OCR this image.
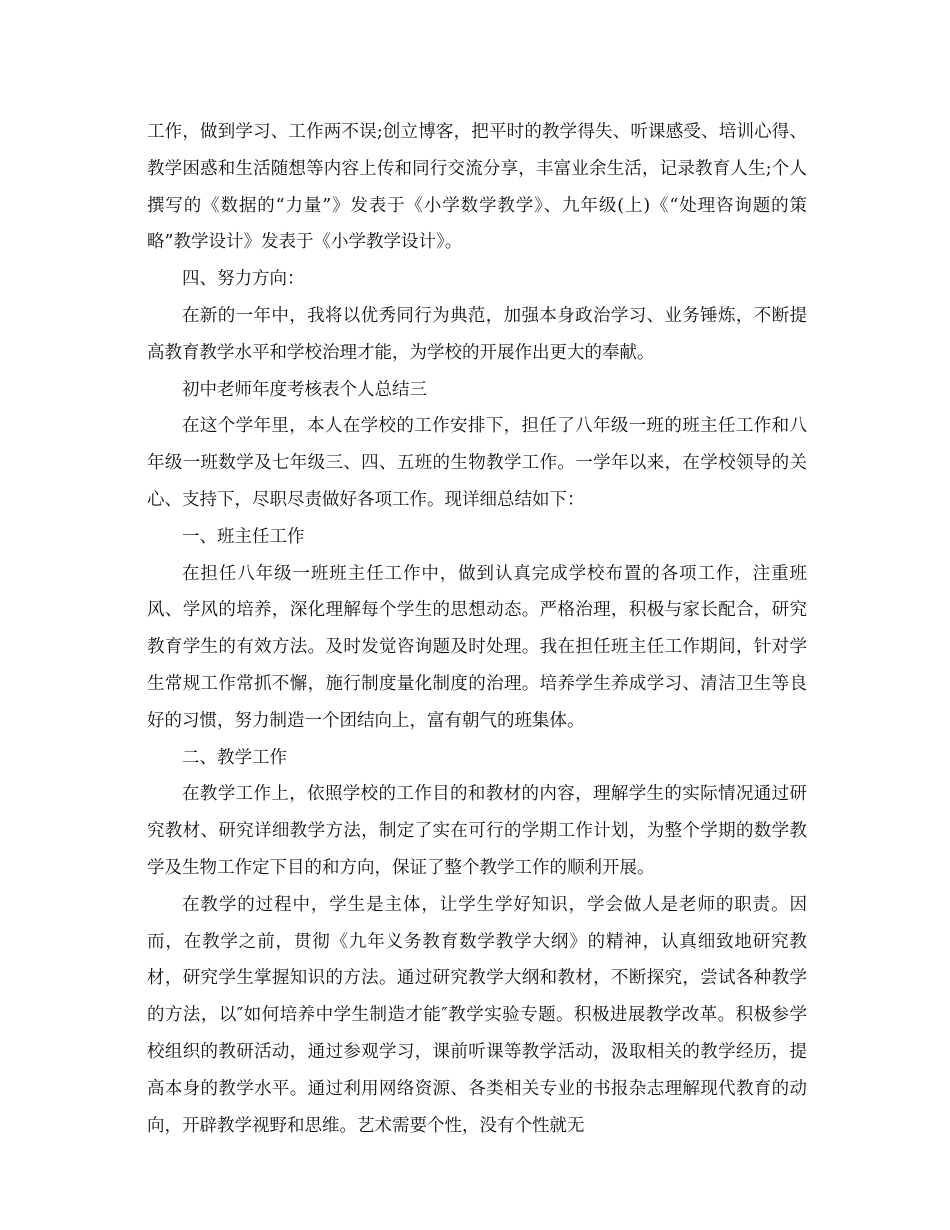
工作，做到学习、工作两不误;创立博客，把平时的教学得失、听课感受、培训心得、教学困惑和生活随想等内容上传和同行交流分享，丰富业余生活，记录教育人生;个人撰写的《数据的“力量”》发表于《小学数学教学》、九年级(上)《“处理咨询题的策略”教学设计》发表于《小学教学设计》。

四、努力方向：

在新的一年中，我将以优秀同行为典范，加强本身政治学习、业务锤炼，不断提高教育教学水平和学校治理才能，为学校的开展作出更大的奉献。

初中老师年度考核表个人总结三

在这个学年里，本人在学校的工作安排下，担任了八年级一班的班主任工作和八年级一班数学及七年级三、四、五班的生物教学工作。一学年以来，在学校领导的关心、支持下，尽职尽责做好各项工作。现详细总结如下：

一、班主任工作

在担任八年级一班班主任工作中，做到认真完成学校布置的各项工作，注重班风、学风的培养，深化理解每个学生的思想动态。严格治理，积极与家长配合，研究教育学生的有效方法。及时发觉咨询题及时处理。我在担任班主任工作期间，针对学生常规工作常抓不懈，施行制度量化制度的治理。培养学生养成学习、清洁卫生等良好的习惯，努力制造一个团结向上，富有朝气的班集体。

二、教学工作

在教学工作上，依照学校的工作目的和教材的内容，理解学生的实际情况通过研究教材、研究详细教学方法，制定了实在可行的学期工作计划，为整个学期的数学教学及生物工作定下目的和方向，保证了整个教学工作的顺利开展。

在教学的过程中，学生是主体，让学生学好知识，学会做人是老师的职责。因而，在教学之前，贯彻《九年义务教育数学教学大纲》的精神，认真细致地研究教材，研究学生掌握知识的方法。通过研究教学大纲和教材，不断探究，尝试各种教学的方法，以″如何培养中学生制造才能″教学实验专题。积极进展教学改革。积极参学校组织的教研活动，通过参观学习，课前听课等教学活动，汲取相关的教学经历，提高本身的教学水平。通过利用网络资源、各类相关专业的书报杂志理解现代教育的动向，开辟教学视野和思维。艺术需要个性，没有个性就无
